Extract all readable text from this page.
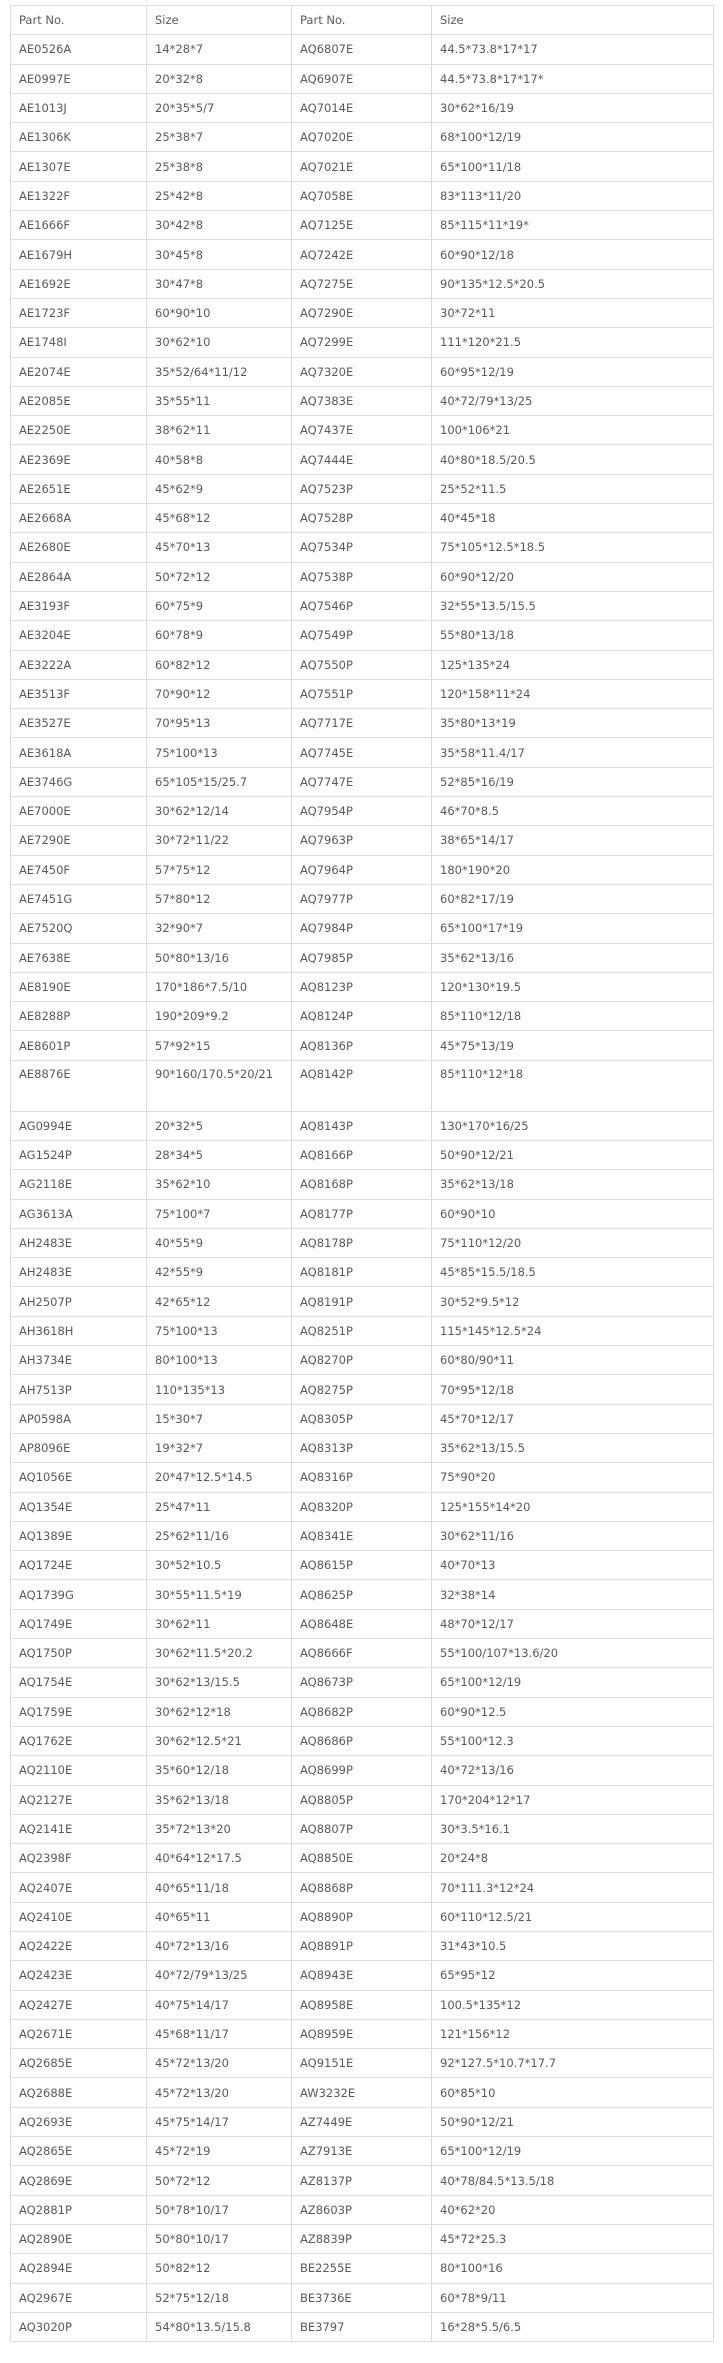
Part No.	Size	Part No.	Size
AE0526A	14*28*7	AQ6807E	44.5*73.8*17*17
AE0997E	20*32*8	AQ6907E	44.5*73.8*17*17*
AE1013J	20*35*5/7	AQ7014E	30*62*16/19
AE1306K	25*38*7	AQ7020E	68*100*12/19
AE1307E	25*38*8	AQ7021E	65*100*11/18
AE1322F	25*42*8	AQ7058E	83*113*11/20
AE1666F	30*42*8	AQ7125E	85*115*11*19*
AE1679H	30*45*8	AQ7242E	60*90*12/18
AE1692E	30*47*8	AQ7275E	90*135*12.5*20.5
AE1723F	60*90*10	AQ7290E	30*72*11
AE1748I	30*62*10	AQ7299E	111*120*21.5
AE2074E	35*52/64*11/12	AQ7320E	60*95*12/19
AE2085E	35*55*11	AQ7383E	40*72/79*13/25
AE2250E	38*62*11	AQ7437E	100*106*21
AE2369E	40*58*8	AQ7444E	40*80*18.5/20.5
AE2651E	45*62*9	AQ7523P	25*52*11.5
AE2668A	45*68*12	AQ7528P	40*45*18
AE2680E	45*70*13	AQ7534P	75*105*12.5*18.5
AE2864A	50*72*12	AQ7538P	60*90*12/20
AE3193F	60*75*9	AQ7546P	32*55*13.5/15.5
AE3204E	60*78*9	AQ7549P	55*80*13/18
AE3222A	60*82*12	AQ7550P	125*135*24
AE3513F	70*90*12	AQ7551P	120*158*11*24
AE3527E	70*95*13	AQ7717E	35*80*13*19
AE3618A	75*100*13	AQ7745E	35*58*11.4/17
AE3746G	65*105*15/25.7	AQ7747E	52*85*16/19
AE7000E	30*62*12/14	AQ7954P	46*70*8.5
AE7290E	30*72*11/22	AQ7963P	38*65*14/17
AE7450F	57*75*12	AQ7964P	180*190*20
AE7451G	57*80*12	AQ7977P	60*82*17/19
AE7520Q	32*90*7	AQ7984P	65*100*17*19
AE7638E	50*80*13/16	AQ7985P	35*62*13/16
AE8190E	170*186*7.5/10	AQ8123P	120*130*19.5
AE8288P	190*209*9.2	AQ8124P	85*110*12/18
AE8601P	57*92*15	AQ8136P	45*75*13/19
AE8876E	90*160/170.5*20/21	AQ8142P	85*110*12*18
AG0994E	20*32*5	AQ8143P	130*170*16/25
AG1524P	28*34*5	AQ8166P	50*90*12/21
AG2118E	35*62*10	AQ8168P	35*62*13/18
AG3613A	75*100*7	AQ8177P	60*90*10
AH2483E	40*55*9	AQ8178P	75*110*12/20
AH2483E	42*55*9	AQ8181P	45*85*15.5/18.5
AH2507P	42*65*12	AQ8191P	30*52*9.5*12
AH3618H	75*100*13	AQ8251P	115*145*12.5*24
AH3734E	80*100*13	AQ8270P	60*80/90*11
AH7513P	110*135*13	AQ8275P	70*95*12/18
AP0598A	15*30*7	AQ8305P	45*70*12/17
AP8096E	19*32*7	AQ8313P	35*62*13/15.5
AQ1056E	20*47*12.5*14.5	AQ8316P	75*90*20
AQ1354E	25*47*11	AQ8320P	125*155*14*20
AQ1389E	25*62*11/16	AQ8341E	30*62*11/16
AQ1724E	30*52*10.5	AQ8615P	40*70*13
AQ1739G	30*55*11.5*19	AQ8625P	32*38*14
AQ1749E	30*62*11	AQ8648E	48*70*12/17
AQ1750P	30*62*11.5*20.2	AQ8666F	55*100/107*13.6/20
AQ1754E	30*62*13/15.5	AQ8673P	65*100*12/19
AQ1759E	30*62*12*18	AQ8682P	60*90*12.5
AQ1762E	30*62*12.5*21	AQ8686P	55*100*12.3
AQ2110E	35*60*12/18	AQ8699P	40*72*13/16
AQ2127E	35*62*13/18	AQ8805P	170*204*12*17
AQ2141E	35*72*13*20	AQ8807P	30*3.5*16.1
AQ2398F	40*64*12*17.5	AQ8850E	20*24*8
AQ2407E	40*65*11/18	AQ8868P	70*111.3*12*24
AQ2410E	40*65*11	AQ8890P	60*110*12.5/21
AQ2422E	40*72*13/16	AQ8891P	31*43*10.5
AQ2423E	40*72/79*13/25	AQ8943E	65*95*12
AQ2427E	40*75*14/17	AQ8958E	100.5*135*12
AQ2671E	45*68*11/17	AQ8959E	121*156*12
AQ2685E	45*72*13/20	AQ9151E	92*127.5*10.7*17.7
AQ2688E	45*72*13/20	AW3232E	60*85*10
AQ2693E	45*75*14/17	AZ7449E	50*90*12/21
AQ2865E	45*72*19	AZ7913E	65*100*12/19
AQ2869E	50*72*12	AZ8137P	40*78/84.5*13.5/18
AQ2881P	50*78*10/17	AZ8603P	40*62*20
AQ2890E	50*80*10/17	AZ8839P	45*72*25.3
AQ2894E	50*82*12	BE2255E	80*100*16
AQ2967E	52*75*12/18	BE3736E	60*78*9/11
AQ3020P	54*80*13.5/15.8	BE3797	16*28*5.5/6.5
